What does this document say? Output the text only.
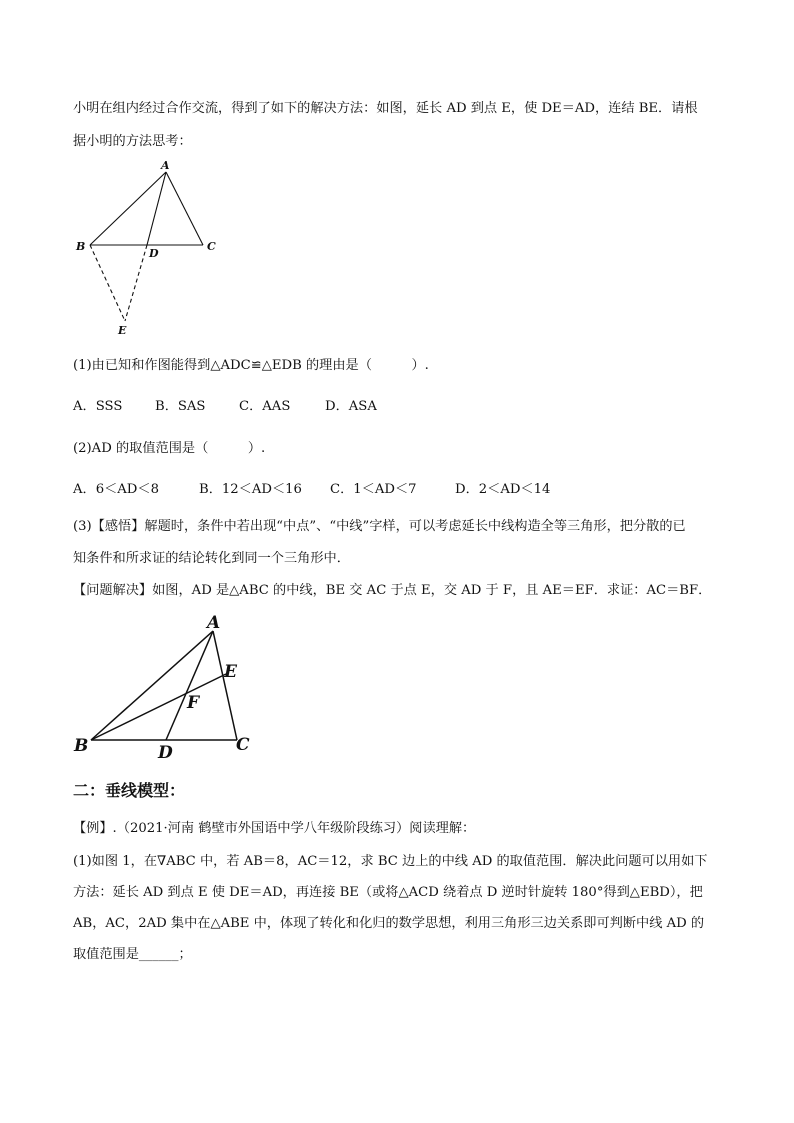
小明在组内经过合作交流，得到了如下的解决方法：如图，延长 AD 到点 E，使 DE＝AD，连结 BE．请根

据小明的方法思考：

A
B	C
D
E

(1)由已知和作图能得到△ADC≌△EDB 的理由是（　　　）.

A．SSS B．SAS	C．AAS	D．ASA

(2)AD 的取值范围是（　　　）.

A．6＜AD＜8	B．12＜AD＜16 C．1＜AD＜7	D．2＜AD＜14

(3)【感悟】解题时，条件中若出现“中点”、“中线”字样，可以考虑延长中线构造全等三角形，把分散的已

知条件和所求证的结论转化到同一个三角形中．

【问题解决】如图，AD 是△ABC 的中线，BE 交 AC 于点 E，交 AD 于 F，且 AE＝EF．求证：AC＝BF．

A
B	C
D
E
F

二：垂线模型：

【例】.（2021·河南 鹤壁市外国语中学八年级阶段练习）阅读理解：

(1)如图 1，在∇ABC 中，若 AB＝8，AC＝12，求 BC 边上的中线 AD 的取值范围．解决此问题可以用如下

方法：延长 AD 到点 E 使 DE＝AD，再连接 BE（或将△ACD 绕着点 D 逆时针旋转 180°得到△EBD），把

AB，AC，2AD 集中在△ABE 中，体现了转化和化归的数学思想，利用三角形三边关系即可判断中线 AD 的

取值范围是______；
